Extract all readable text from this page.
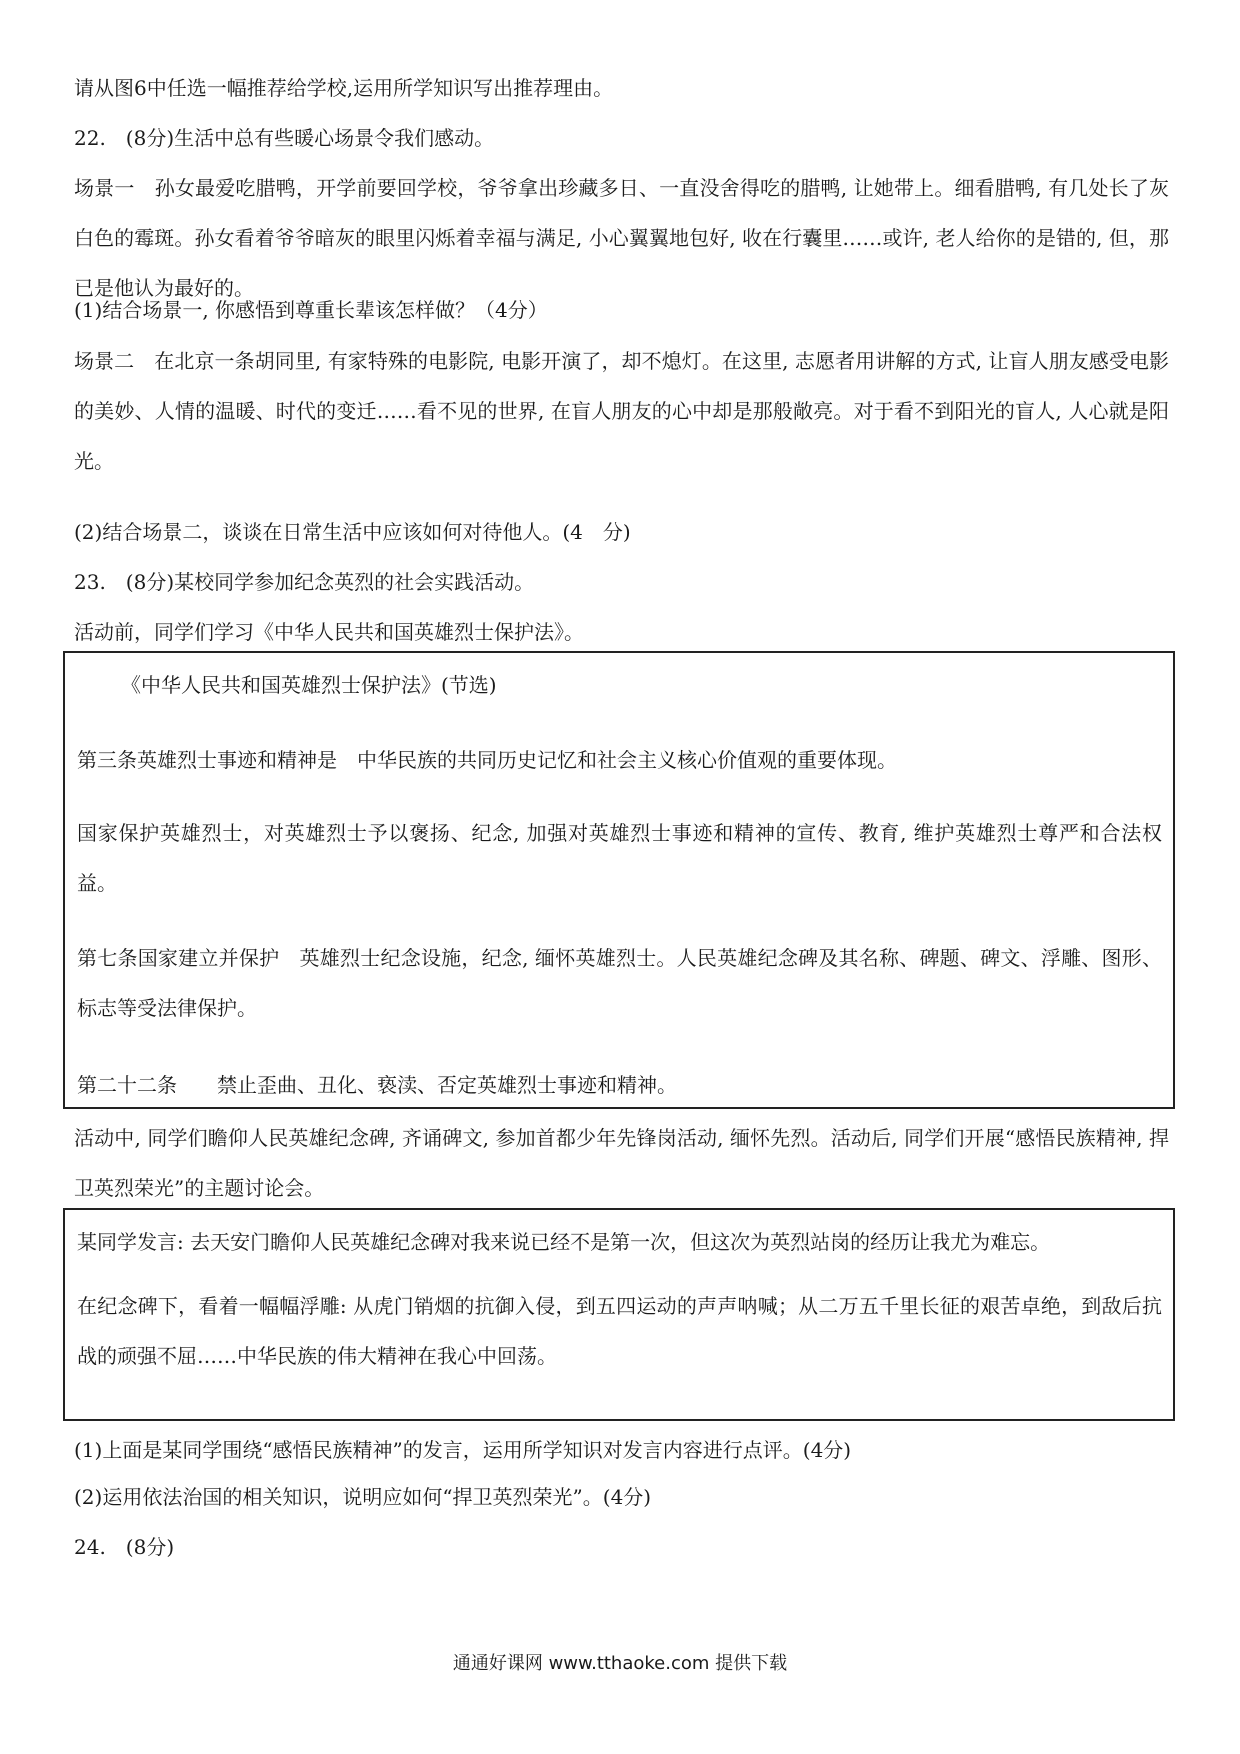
请从图6中任选一幅推荐给学校,运用所学知识写出推荐理由。
22.　(8分)生活中总有些暖心场景令我们感动。
场景一　孙女最爱吃腊鸭，开学前要回学校，爷爷拿出珍藏多日、一直没舍得吃的腊鸭, 让她带上。细看腊鸭, 有几处长了灰白色的霉斑。孙女看着爷爷暗灰的眼里闪烁着幸福与满足, 小心翼翼地包好, 收在行囊里……或许, 老人给你的是错的, 但，那已是他认为最好的。
(1)结合场景一, 你感悟到尊重长辈该怎样做？（4分）
场景二　在北京一条胡同里, 有家特殊的电影院, 电影开演了，却不熄灯。在这里, 志愿者用讲解的方式, 让盲人朋友感受电影的美妙、人情的温暖、时代的变迁……看不见的世界, 在盲人朋友的心中却是那般敞亮。对于看不到阳光的盲人, 人心就是阳光。
(2)结合场景二，谈谈在日常生活中应该如何对待他人。(4　分)
23.　(8分)某校同学参加纪念英烈的社会实践活动。
活动前，同学们学习《中华人民共和国英雄烈士保护法》。
《中华人民共和国英雄烈士保护法》(节选)
第三条英雄烈士事迹和精神是　中华民族的共同历史记忆和社会主义核心价值观的重要体现。
国家保护英雄烈士，对英雄烈士予以褒扬、纪念, 加强对英雄烈士事迹和精神的宣传、教育, 维护英雄烈士尊严和合法权益。
第七条国家建立并保护　英雄烈士纪念设施，纪念, 缅怀英雄烈士。人民英雄纪念碑及其名称、碑题、碑文、浮雕、图形、标志等受法律保护。
第二十二条　　禁止歪曲、丑化、亵渎、否定英雄烈士事迹和精神。
活动中, 同学们瞻仰人民英雄纪念碑, 齐诵碑文, 参加首都少年先锋岗活动, 缅怀先烈。活动后, 同学们开展“感悟民族精神, 捍卫英烈荣光”的主题讨论会。
某同学发言: 去天安门瞻仰人民英雄纪念碑对我来说已经不是第一次，但这次为英烈站岗的经历让我尤为难忘。
在纪念碑下，看着一幅幅浮雕: 从虎门销烟的抗御入侵，到五四运动的声声呐喊；从二万五千里长征的艰苦卓绝，到敌后抗战的顽强不屈……中华民族的伟大精神在我心中回荡。
(1)上面是某同学围绕“感悟民族精神”的发言，运用所学知识对发言内容进行点评。(4分)
(2)运用依法治国的相关知识，说明应如何“捍卫英烈荣光”。(4分)
24.　(8分)
通通好课网 www.tthaoke.com 提供下载
